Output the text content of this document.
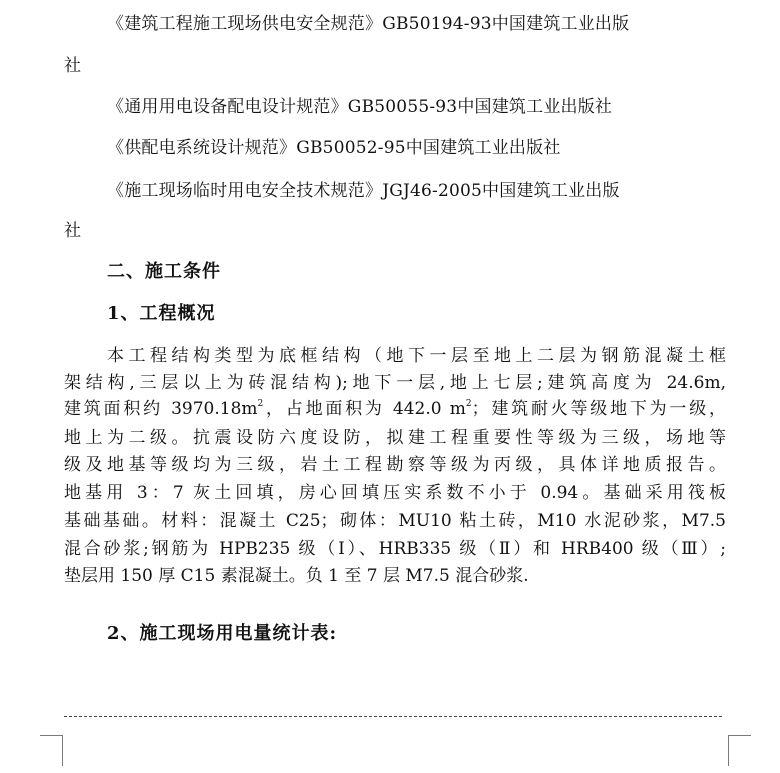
《建筑工程施工现场供电安全规范》GB50194-93中国建筑工业出版
社
《通用用电设备配电设计规范》GB50055-93中国建筑工业出版社
《供配电系统设计规范》GB50052-95中国建筑工业出版社
《施工现场临时用电安全技术规范》JGJ46-2005中国建筑工业出版
社
二、施工条件
1、工程概况
本工程结构类型为底框结构（地下一层至地上二层为钢筋混凝土框
架结构,三层以上为砖混结构);地下一层,地上七层;建筑高度为 24.6m,
建筑面积约 $3970.18m^2$，占地面积为 442.0 $m^2$；建筑耐火等级地下为一级，
地上为二级。抗震设防六度设防，拟建工程重要性等级为三级，场地等
级及地基等级均为三级，岩土工程勘察等级为丙级，具体详地质报告。
地基用 3：7 灰土回填，房心回填压实系数不小于 0.94。基础采用筏板
基础基础。材料：混凝土 C25；砌体：MU10 粘土砖，M10 水泥砂浆，M7.5
混合砂浆;钢筋为 HPB235 级（Ⅰ）、HRB335 级（Ⅱ）和 HRB400 级（Ⅲ）;
垫层用 150 厚 C15 素混凝土。负 1 至 7 层 M7.5 混合砂浆.
2、施工现场用电量统计表:
